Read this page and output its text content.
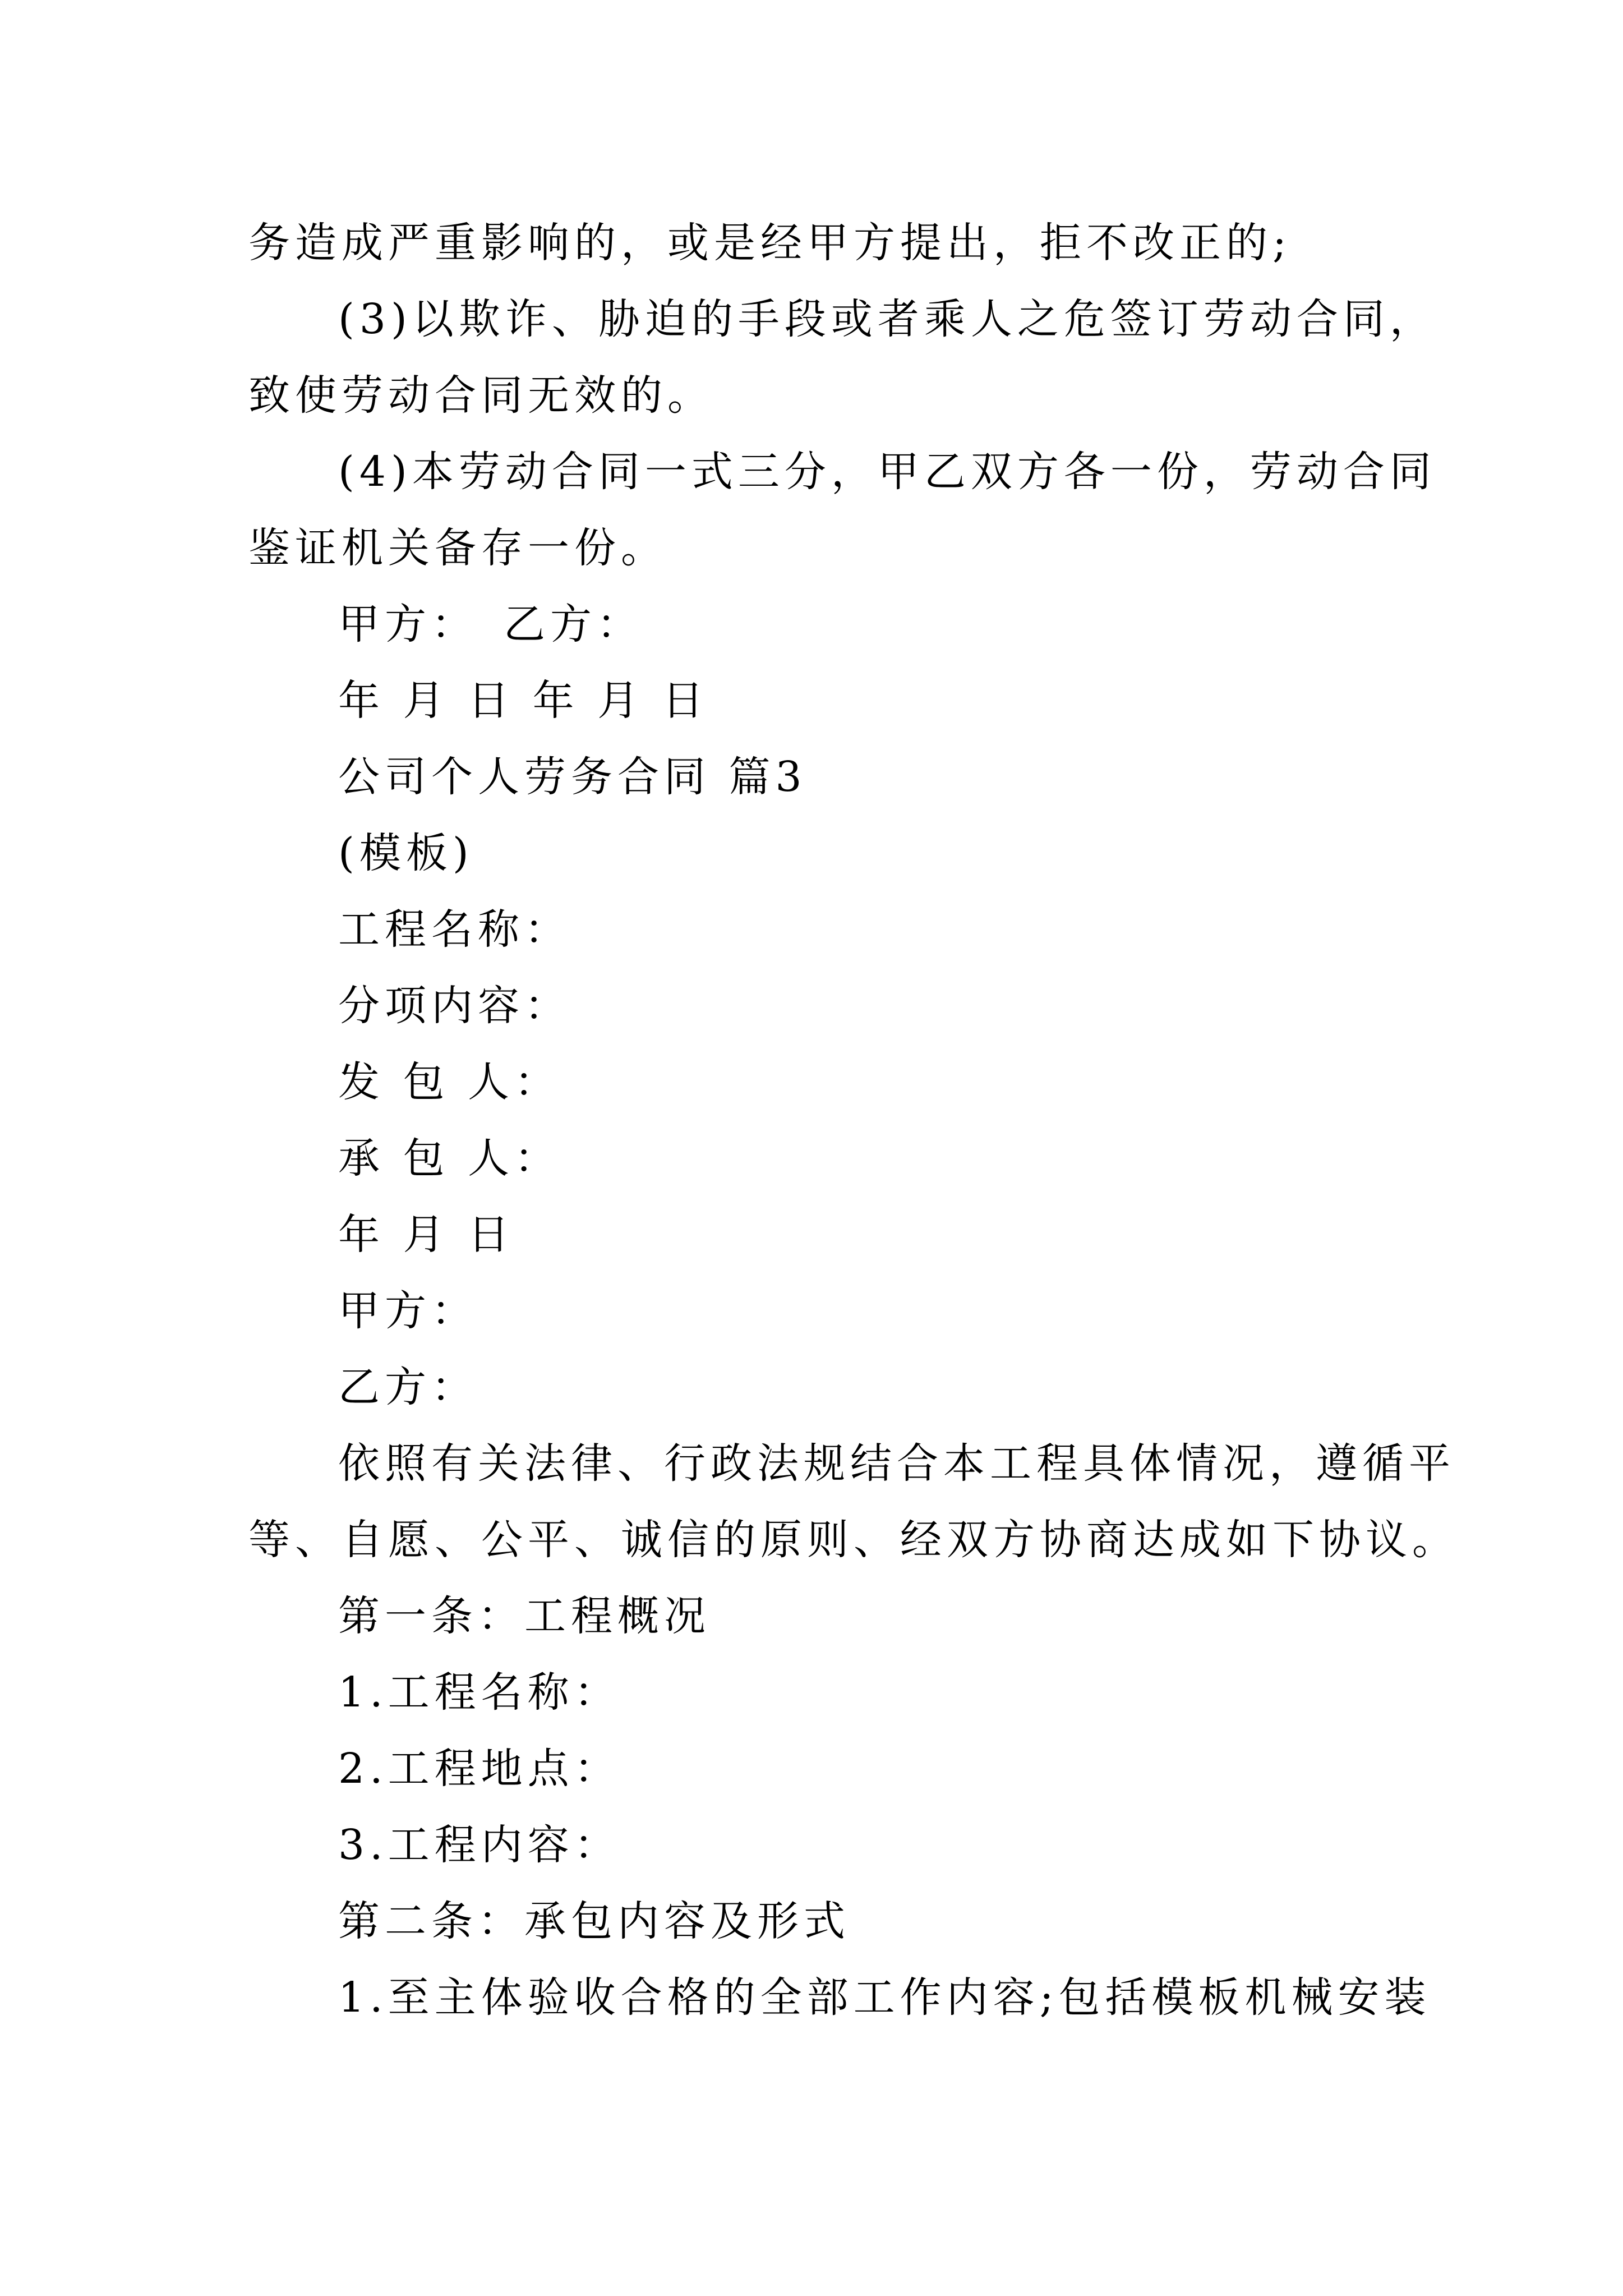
务造成严重影响的，或是经甲方提出，拒不改正的;
(3)以欺诈、胁迫的手段或者乘人之危签订劳动合同，
致使劳动合同无效的。
(4)本劳动合同一式三分，甲乙双方各一份，劳动合同
鉴证机关备存一份。
甲方：　乙方：
年 月 日 年 月 日
公司个人劳务合同 篇3
(模板)
工程名称：
分项内容：
发 包 人：
承 包 人：
年 月 日
甲方：
乙方：
依照有关法律、行政法规结合本工程具体情况，遵循平
等、自愿、公平、诚信的原则、经双方协商达成如下协议。
第一条：工程概况
1.工程名称：
2.工程地点：
3.工程内容：
第二条：承包内容及形式
1.至主体验收合格的全部工作内容;包括模板机械安装
